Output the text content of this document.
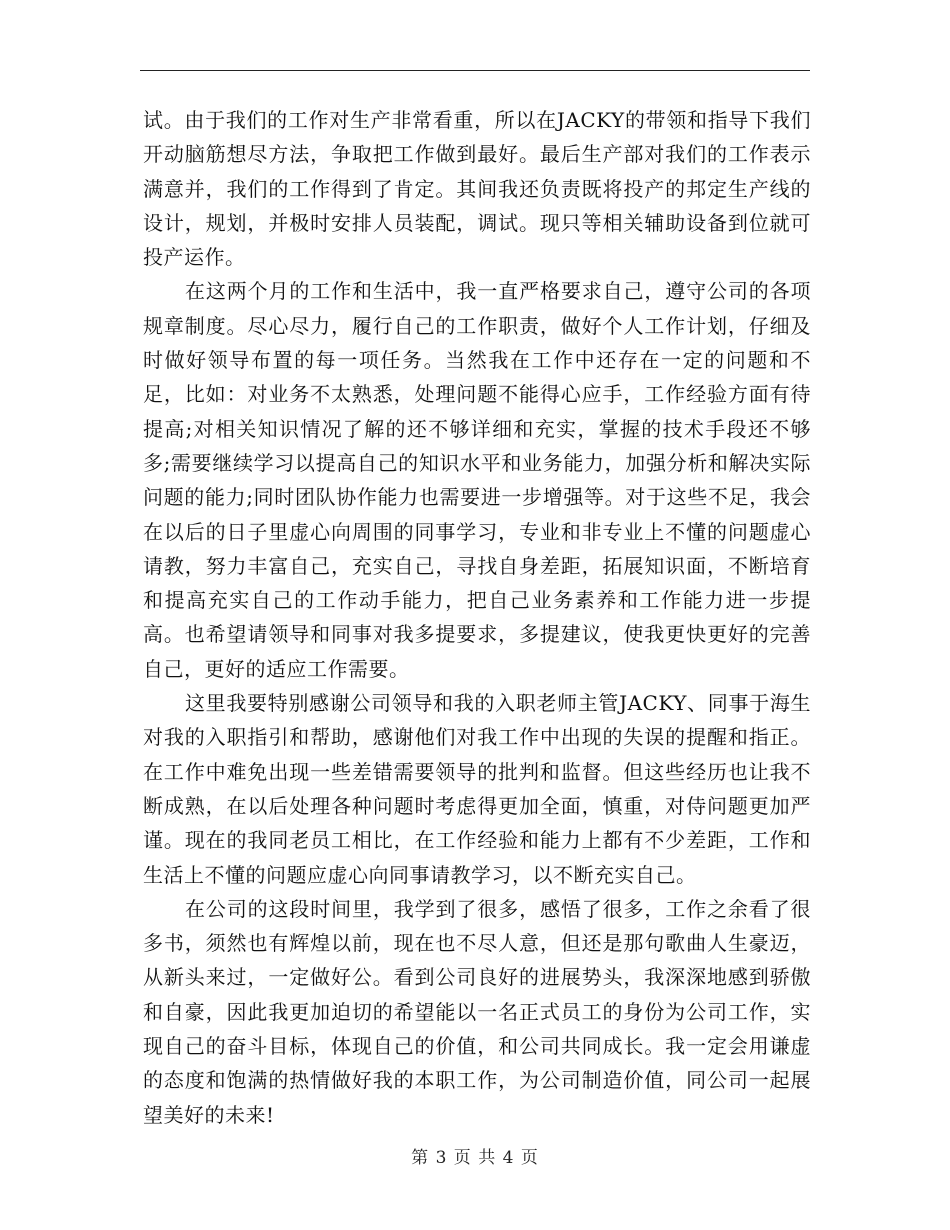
试。由于我们的工作对生产非常看重，所以在JACKY的带领和指导下我们开动脑筋想尽方法，争取把工作做到最好。最后生产部对我们的工作表示满意并，我们的工作得到了肯定。其间我还负责既将投产的邦定生产线的设计，规划，并极时安排人员装配，调试。现只等相关辅助设备到位就可投产运作。

在这两个月的工作和生活中，我一直严格要求自己，遵守公司的各项规章制度。尽心尽力，履行自己的工作职责，做好个人工作计划，仔细及时做好领导布置的每一项任务。当然我在工作中还存在一定的问题和不足，比如：对业务不太熟悉，处理问题不能得心应手，工作经验方面有待提高;对相关知识情况了解的还不够详细和充实，掌握的技术手段还不够多;需要继续学习以提高自己的知识水平和业务能力，加强分析和解决实际问题的能力;同时团队协作能力也需要进一步增强等。对于这些不足，我会在以后的日子里虚心向周围的同事学习，专业和非专业上不懂的问题虚心请教，努力丰富自己，充实自己，寻找自身差距，拓展知识面，不断培育和提高充实自己的工作动手能力，把自己业务素养和工作能力进一步提高。也希望请领导和同事对我多提要求，多提建议，使我更快更好的完善自己，更好的适应工作需要。

这里我要特别感谢公司领导和我的入职老师主管JACKY、同事于海生对我的入职指引和帮助，感谢他们对我工作中出现的失误的提醒和指正。在工作中难免出现一些差错需要领导的批判和监督。但这些经历也让我不断成熟，在以后处理各种问题时考虑得更加全面，慎重，对侍问题更加严谨。现在的我同老员工相比，在工作经验和能力上都有不少差距，工作和生活上不懂的问题应虚心向同事请教学习，以不断充实自己。

在公司的这段时间里，我学到了很多，感悟了很多，工作之余看了很多书，须然也有辉煌以前，现在也不尽人意，但还是那句歌曲人生豪迈，从新头来过，一定做好公。看到公司良好的进展势头，我深深地感到骄傲和自豪，因此我更加迫切的希望能以一名正式员工的身份为公司工作，实现自己的奋斗目标，体现自己的价值，和公司共同成长。我一定会用谦虚的态度和饱满的热情做好我的本职工作，为公司制造价值，同公司一起展望美好的未来!

第 3 页 共 4 页
